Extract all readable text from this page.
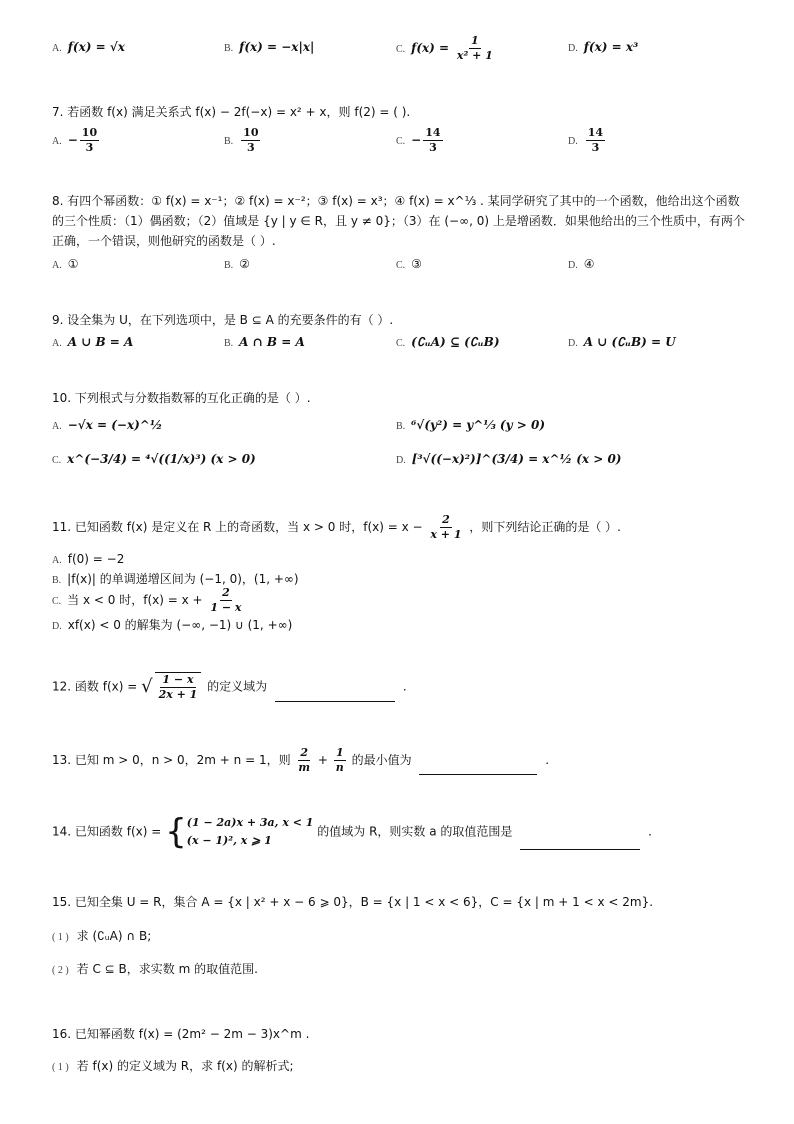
A. f(x) = √x	B. f(x) = −x|x|	C. $f(x) = \frac{1}{\text{x² + 1}}$	D. f(x) = x³
7. 若函数 f(x) 满足关系式 f(x) − 2f(−x) = x² + x，则 f(2) = ( ).
A. − $\frac{10}{3}$	B. $\frac{10}{3}$	C. − $\frac{14}{3}$	D. $\frac{14}{3}$
8. 有四个幂函数：① f(x) = x⁻¹；② f(x) = x⁻²；③ f(x) = x³；④ f(x) = x^⅓ . 某同学研究了其中的一个函数，他给出这个函数
的三个性质：（1）偶函数；（2）值域是 {y | y ∈ R，且 y ≠ 0}；（3）在 (−∞, 0) 上是增函数．如果他给出的三个性质中，有两个
正确，一个错误，则他研究的函数是（ ）.
A. ①	B. ②	C. ③	D. ④
9. 设全集为 U，在下列选项中，是 B ⊆ A 的充要条件的有（ ）.
A. A ∪ B = A	B. A ∩ B = A	C. (∁ᵤA) ⊆ (∁ᵤB)	D. A ∪ (∁ᵤB) = U
10. 下列根式与分数指数幂的互化正确的是（ ）.
A. −√x = (−x)^½	B. ⁶√(y²) = y^⅓ (y > 0)
C. x^(−3/4) = ⁴√((1/x)³) (x > 0)	D. [³√((−x)²)]^(3/4) = x^½ (x > 0)
11. 已知函数 f(x) 是定义在 R 上的奇函数，当 x > 0 时，$f(x) = x - \frac{2}{x + 1}$ ，则下列结论正确的是（ ）.
A. f(0) = −2
B. |f(x)| 的单调递增区间为 (−1, 0)，(1, +∞)
C. 当 x < 0 时，$f(x) = x + \frac{2}{1 - x}$
D. xf(x) < 0 的解集为 (−∞, −1) ∪ (1, +∞)
12. 函数 f(x) = √ $\frac{1 - x}{2x + 1}$ 的定义域为	.
13. 已知 m > 0，n > 0，2m + n = 1，则 $\frac{2}{m} + \frac{1}{n}$ 的最小值为	.
14. 已知函数 f(x) = { (1 − 2a)x + 3a, x < 1
(x − 1)², x ⩾ 1
的值域为 R，则实数 a 的取值范围是	.
15. 已知全集 U = R，集合 A = {x | x² + x − 6 ⩾ 0}，B = {x | 1 < x < 6}，C = {x | m + 1 < x < 2m}.
( 1 ) 求 (∁ᵤA) ∩ B;
( 2 ) 若 C ⊆ B，求实数 m 的取值范围.
16. 已知幂函数 f(x) = (2m² − 2m − 3)x^m .
( 1 ) 若 f(x) 的定义域为 R，求 f(x) 的解析式;
